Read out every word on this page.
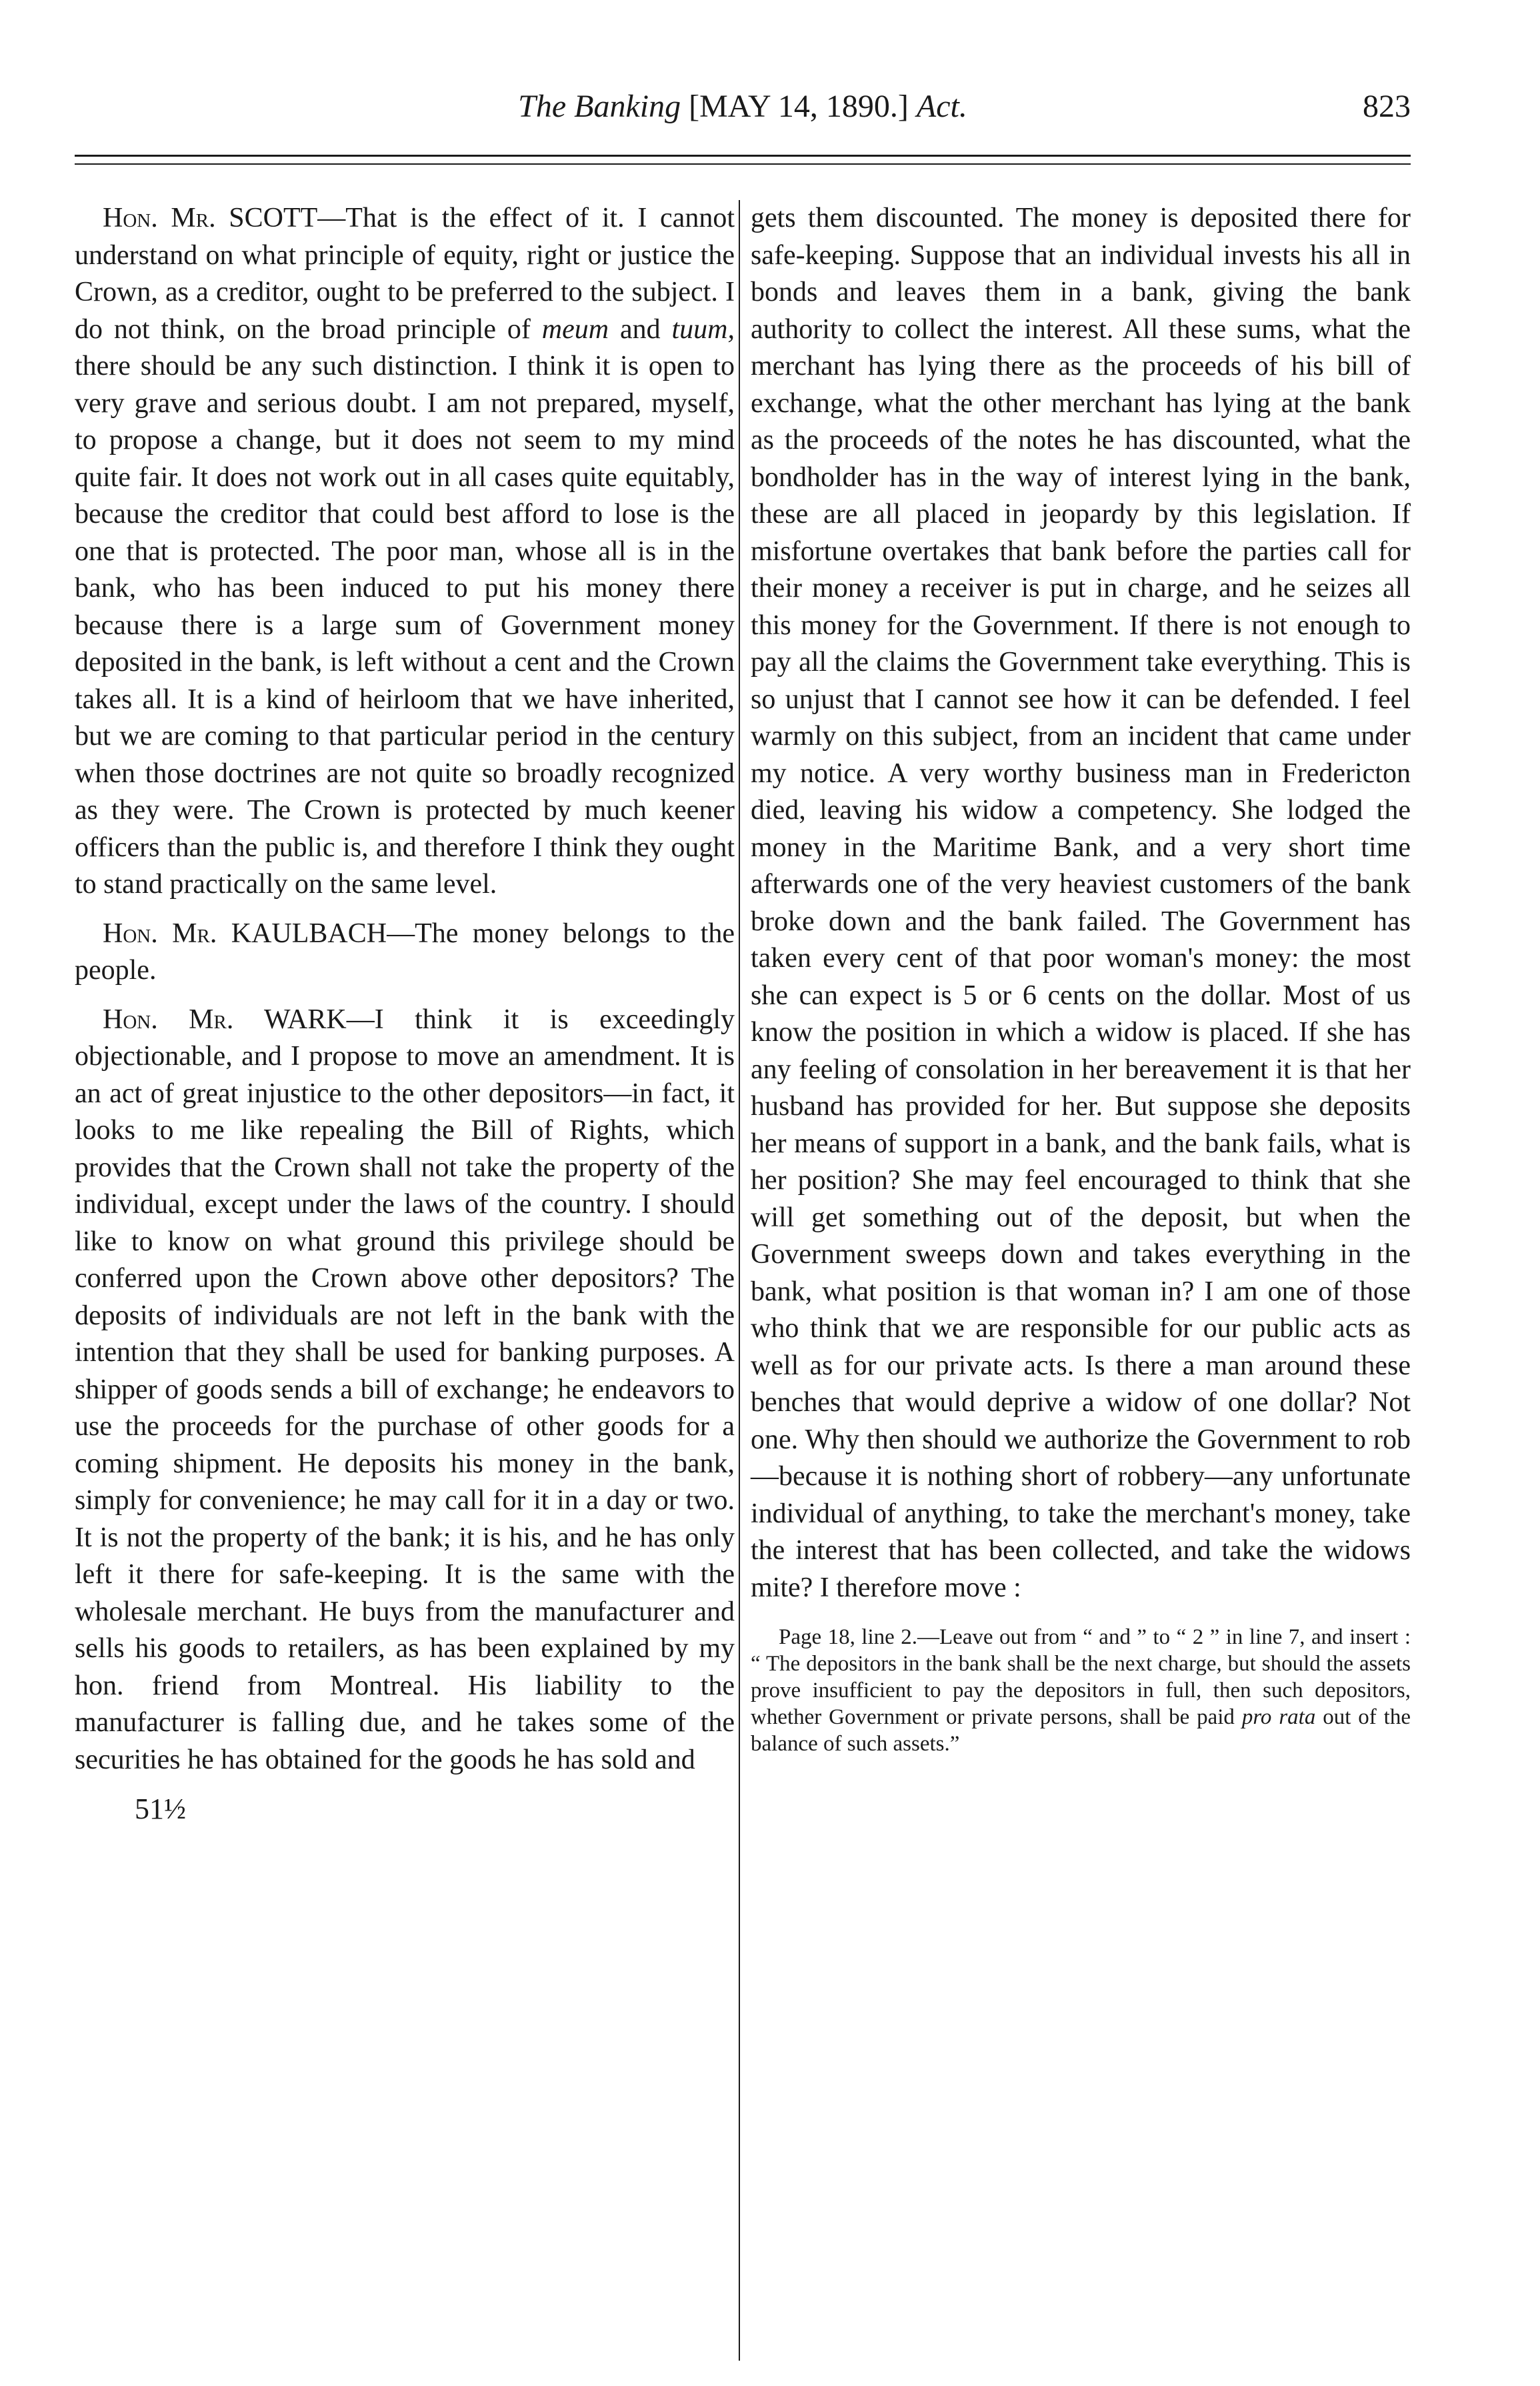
The Banking [MAY 14, 1890.] Act.	823

Hon. Mr. SCOTT—That is the effect of it. I cannot understand on what principle of equity, right or justice the Crown, as a creditor, ought to be preferred to the subject. I do not think, on the broad principle of meum and tuum, there should be any such distinction. I think it is open to very grave and serious doubt. I am not prepared, myself, to propose a change, but it does not seem to my mind quite fair. It does not work out in all cases quite equitably, because the creditor that could best afford to lose is the one that is protected. The poor man, whose all is in the bank, who has been induced to put his money there because there is a large sum of Government money deposited in the bank, is left without a cent and the Crown takes all. It is a kind of heirloom that we have inherited, but we are coming to that particular period in the century when those doctrines are not quite so broadly recognized as they were. The Crown is protected by much keener officers than the public is, and therefore I think they ought to stand practically on the same level.

Hon. Mr. KAULBACH—The money belongs to the people.

Hon. Mr. WARK—I think it is exceedingly objectionable, and I propose to move an amendment. It is an act of great injustice to the other depositors—in fact, it looks to me like repealing the Bill of Rights, which provides that the Crown shall not take the property of the individual, except under the laws of the country. I should like to know on what ground this privilege should be conferred upon the Crown above other depositors? The deposits of individuals are not left in the bank with the intention that they shall be used for banking purposes. A shipper of goods sends a bill of exchange; he endeavors to use the proceeds for the purchase of other goods for a coming shipment. He deposits his money in the bank, simply for convenience; he may call for it in a day or two. It is not the property of the bank; it is his, and he has only left it there for safe-keeping. It is the same with the wholesale merchant. He buys from the manufacturer and sells his goods to retailers, as has been explained by my hon. friend from Montreal. His liability to the manufacturer is falling due, and he takes some of the securities he has obtained for the goods he has sold and

51½

gets them discounted. The money is deposited there for safe-keeping. Suppose that an individual invests his all in bonds and leaves them in a bank, giving the bank authority to collect the interest. All these sums, what the merchant has lying there as the proceeds of his bill of exchange, what the other merchant has lying at the bank as the proceeds of the notes he has discounted, what the bondholder has in the way of interest lying in the bank, these are all placed in jeopardy by this legislation. If misfortune overtakes that bank before the parties call for their money a receiver is put in charge, and he seizes all this money for the Government. If there is not enough to pay all the claims the Government take everything. This is so unjust that I cannot see how it can be defended. I feel warmly on this subject, from an incident that came under my notice. A very worthy business man in Fredericton died, leaving his widow a competency. She lodged the money in the Maritime Bank, and a very short time afterwards one of the very heaviest customers of the bank broke down and the bank failed. The Government has taken every cent of that poor woman's money: the most she can expect is 5 or 6 cents on the dollar. Most of us know the position in which a widow is placed. If she has any feeling of consolation in her bereavement it is that her husband has provided for her. But suppose she deposits her means of support in a bank, and the bank fails, what is her position? She may feel encouraged to think that she will get something out of the deposit, but when the Government sweeps down and takes everything in the bank, what position is that woman in? I am one of those who think that we are responsible for our public acts as well as for our private acts. Is there a man around these benches that would deprive a widow of one dollar? Not one. Why then should we authorize the Government to rob—because it is nothing short of robbery—any unfortunate individual of anything, to take the merchant's money, take the interest that has been collected, and take the widows mite? I therefore move :

Page 18, line 2.—Leave out from “ and ” to “ 2 ” in line 7, and insert : “ The depositors in the bank shall be the next charge, but should the assets prove insufficient to pay the depositors in full, then such depositors, whether Government or private persons, shall be paid pro rata out of the balance of such assets.”
